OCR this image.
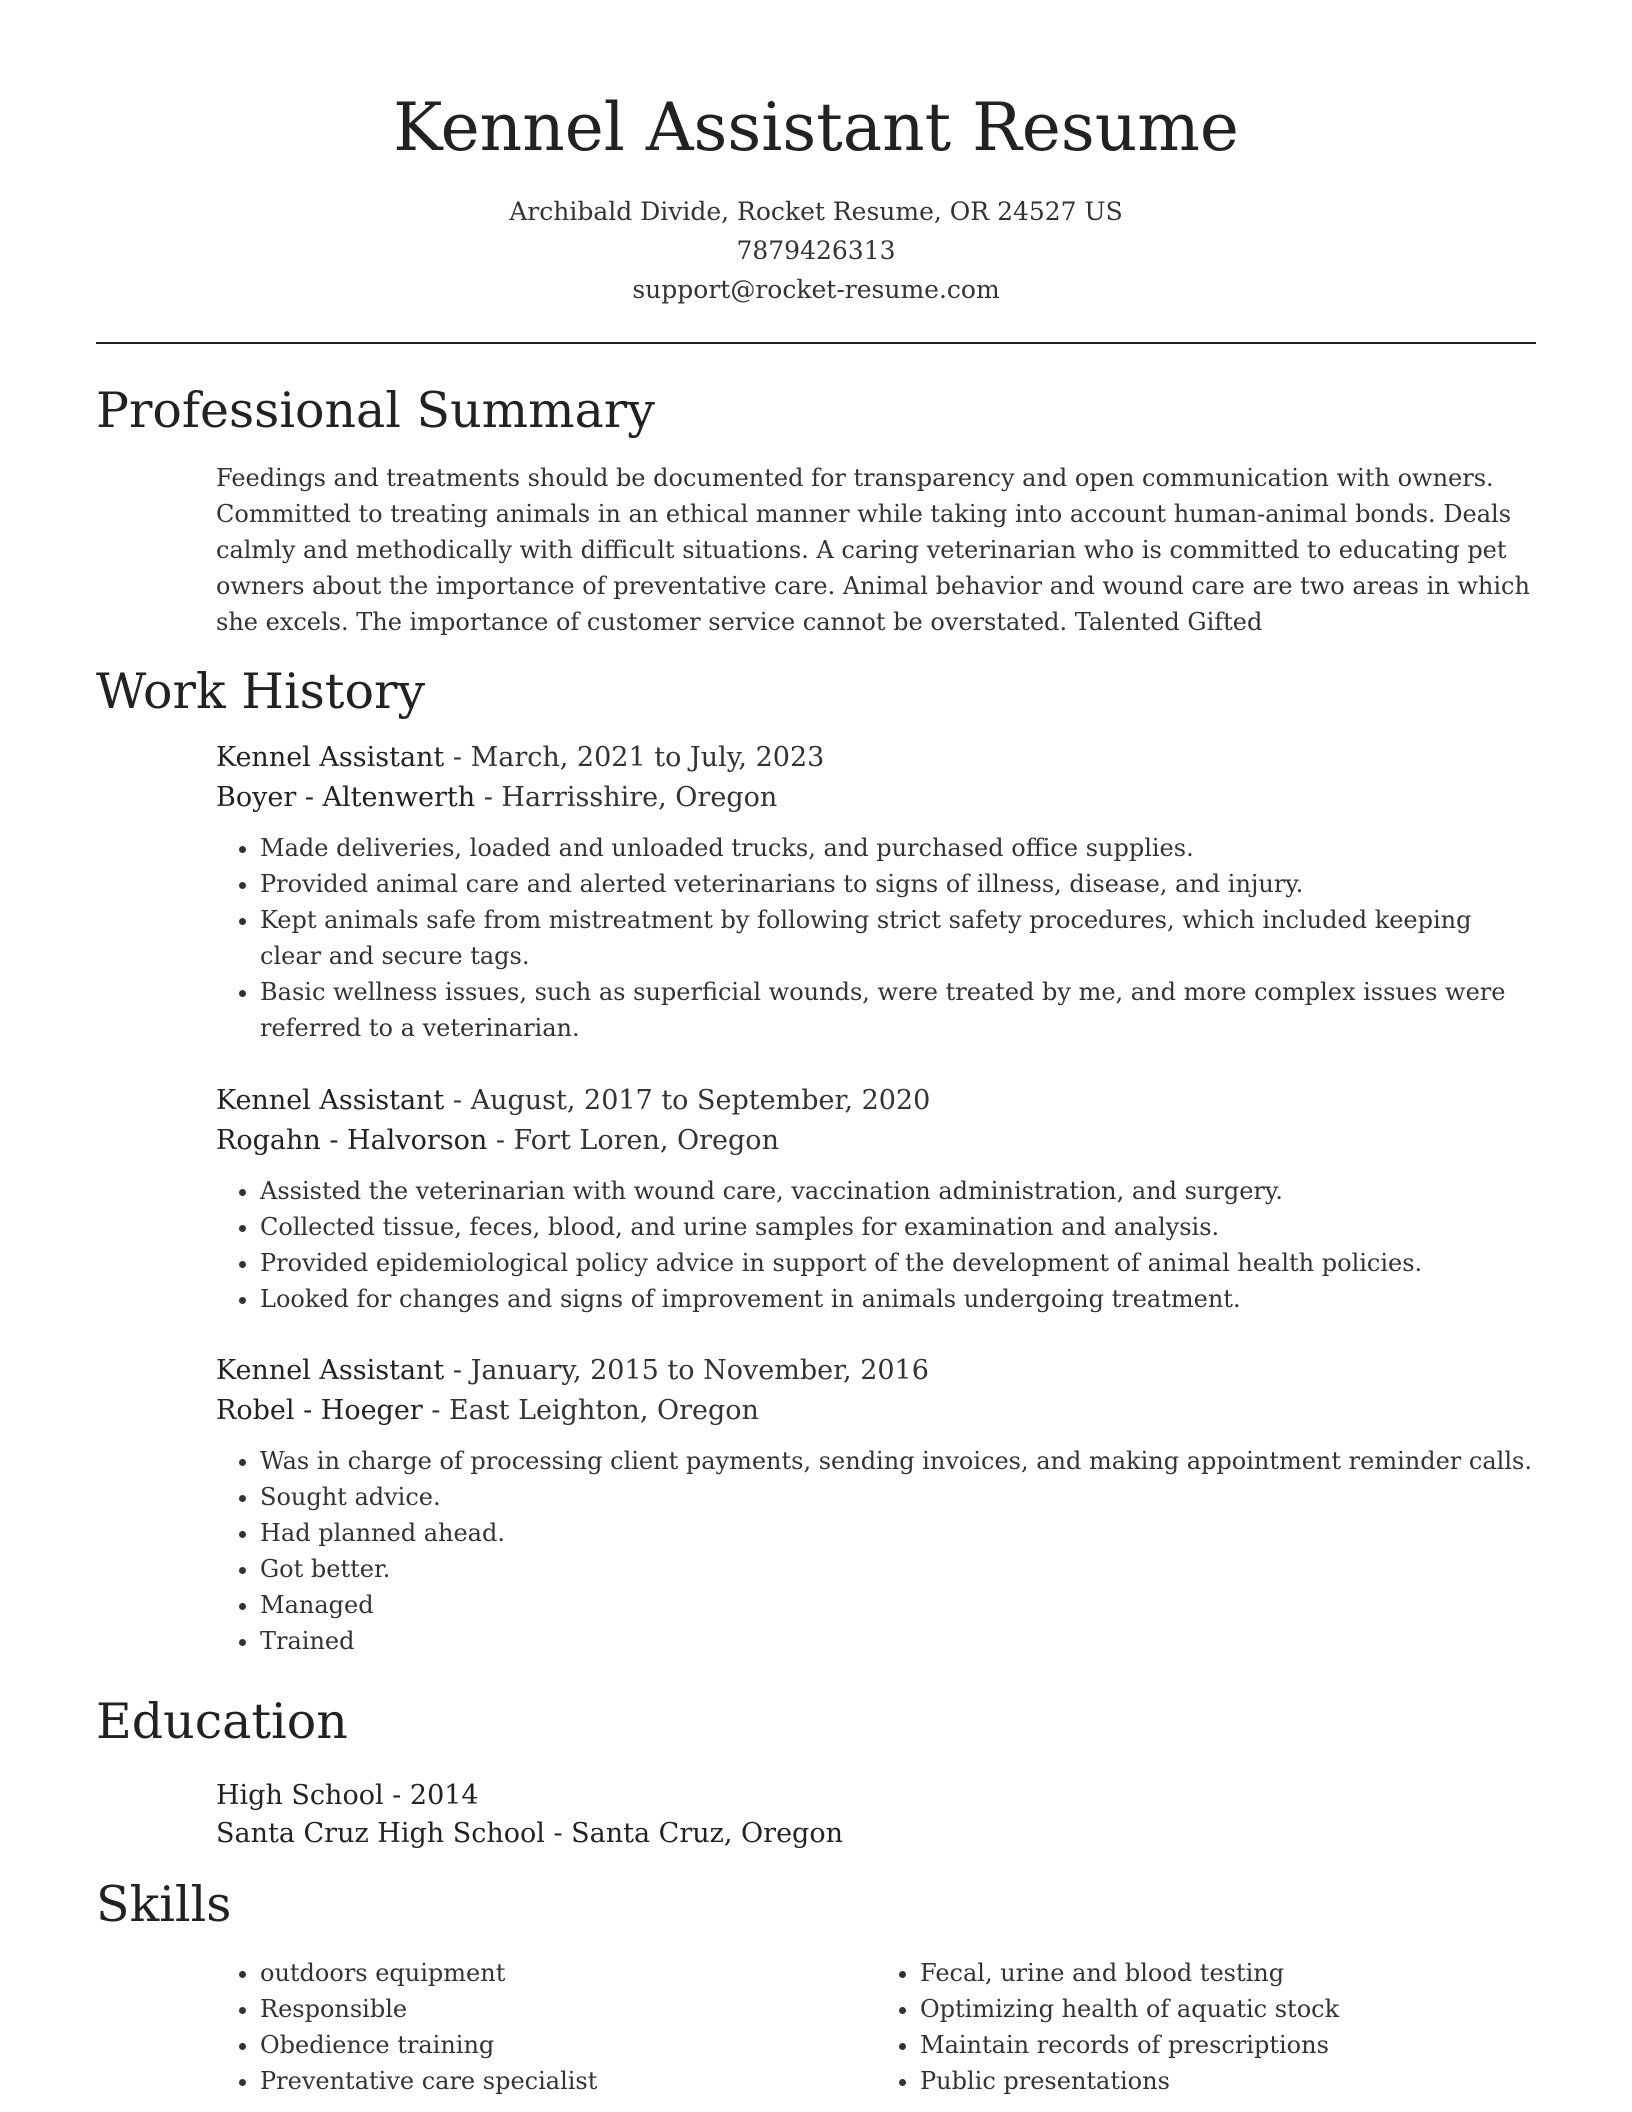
Kennel Assistant Resume
Archibald Divide, Rocket Resume, OR 24527 US
7879426313
support@rocket-resume.com
Professional Summary
Feedings and treatments should be documented for transparency and open communication with owners. Committed to treating animals in an ethical manner while taking into account human-animal bonds. Deals calmly and methodically with difficult situations. A caring veterinarian who is committed to educating pet owners about the importance of preventative care. Animal behavior and wound care are two areas in which she excels. The importance of customer service cannot be overstated. Talented Gifted
Work History
Kennel Assistant - March, 2021 to July, 2023
Boyer - Altenwerth - Harrisshire, Oregon
• Made deliveries, loaded and unloaded trucks, and purchased office supplies.
• Provided animal care and alerted veterinarians to signs of illness, disease, and injury.
• Kept animals safe from mistreatment by following strict safety procedures, which included keeping clear and secure tags.
• Basic wellness issues, such as superficial wounds, were treated by me, and more complex issues were referred to a veterinarian.
Kennel Assistant - August, 2017 to September, 2020
Rogahn - Halvorson - Fort Loren, Oregon
• Assisted the veterinarian with wound care, vaccination administration, and surgery.
• Collected tissue, feces, blood, and urine samples for examination and analysis.
• Provided epidemiological policy advice in support of the development of animal health policies.
• Looked for changes and signs of improvement in animals undergoing treatment.
Kennel Assistant - January, 2015 to November, 2016
Robel - Hoeger - East Leighton, Oregon
• Was in charge of processing client payments, sending invoices, and making appointment reminder calls.
• Sought advice.
• Had planned ahead.
• Got better.
• Managed
• Trained
Education
High School - 2014
Santa Cruz High School - Santa Cruz, Oregon
Skills
• outdoors equipment
• Responsible
• Obedience training
• Preventative care specialist
• Fecal, urine and blood testing
• Optimizing health of aquatic stock
• Maintain records of prescriptions
• Public presentations
